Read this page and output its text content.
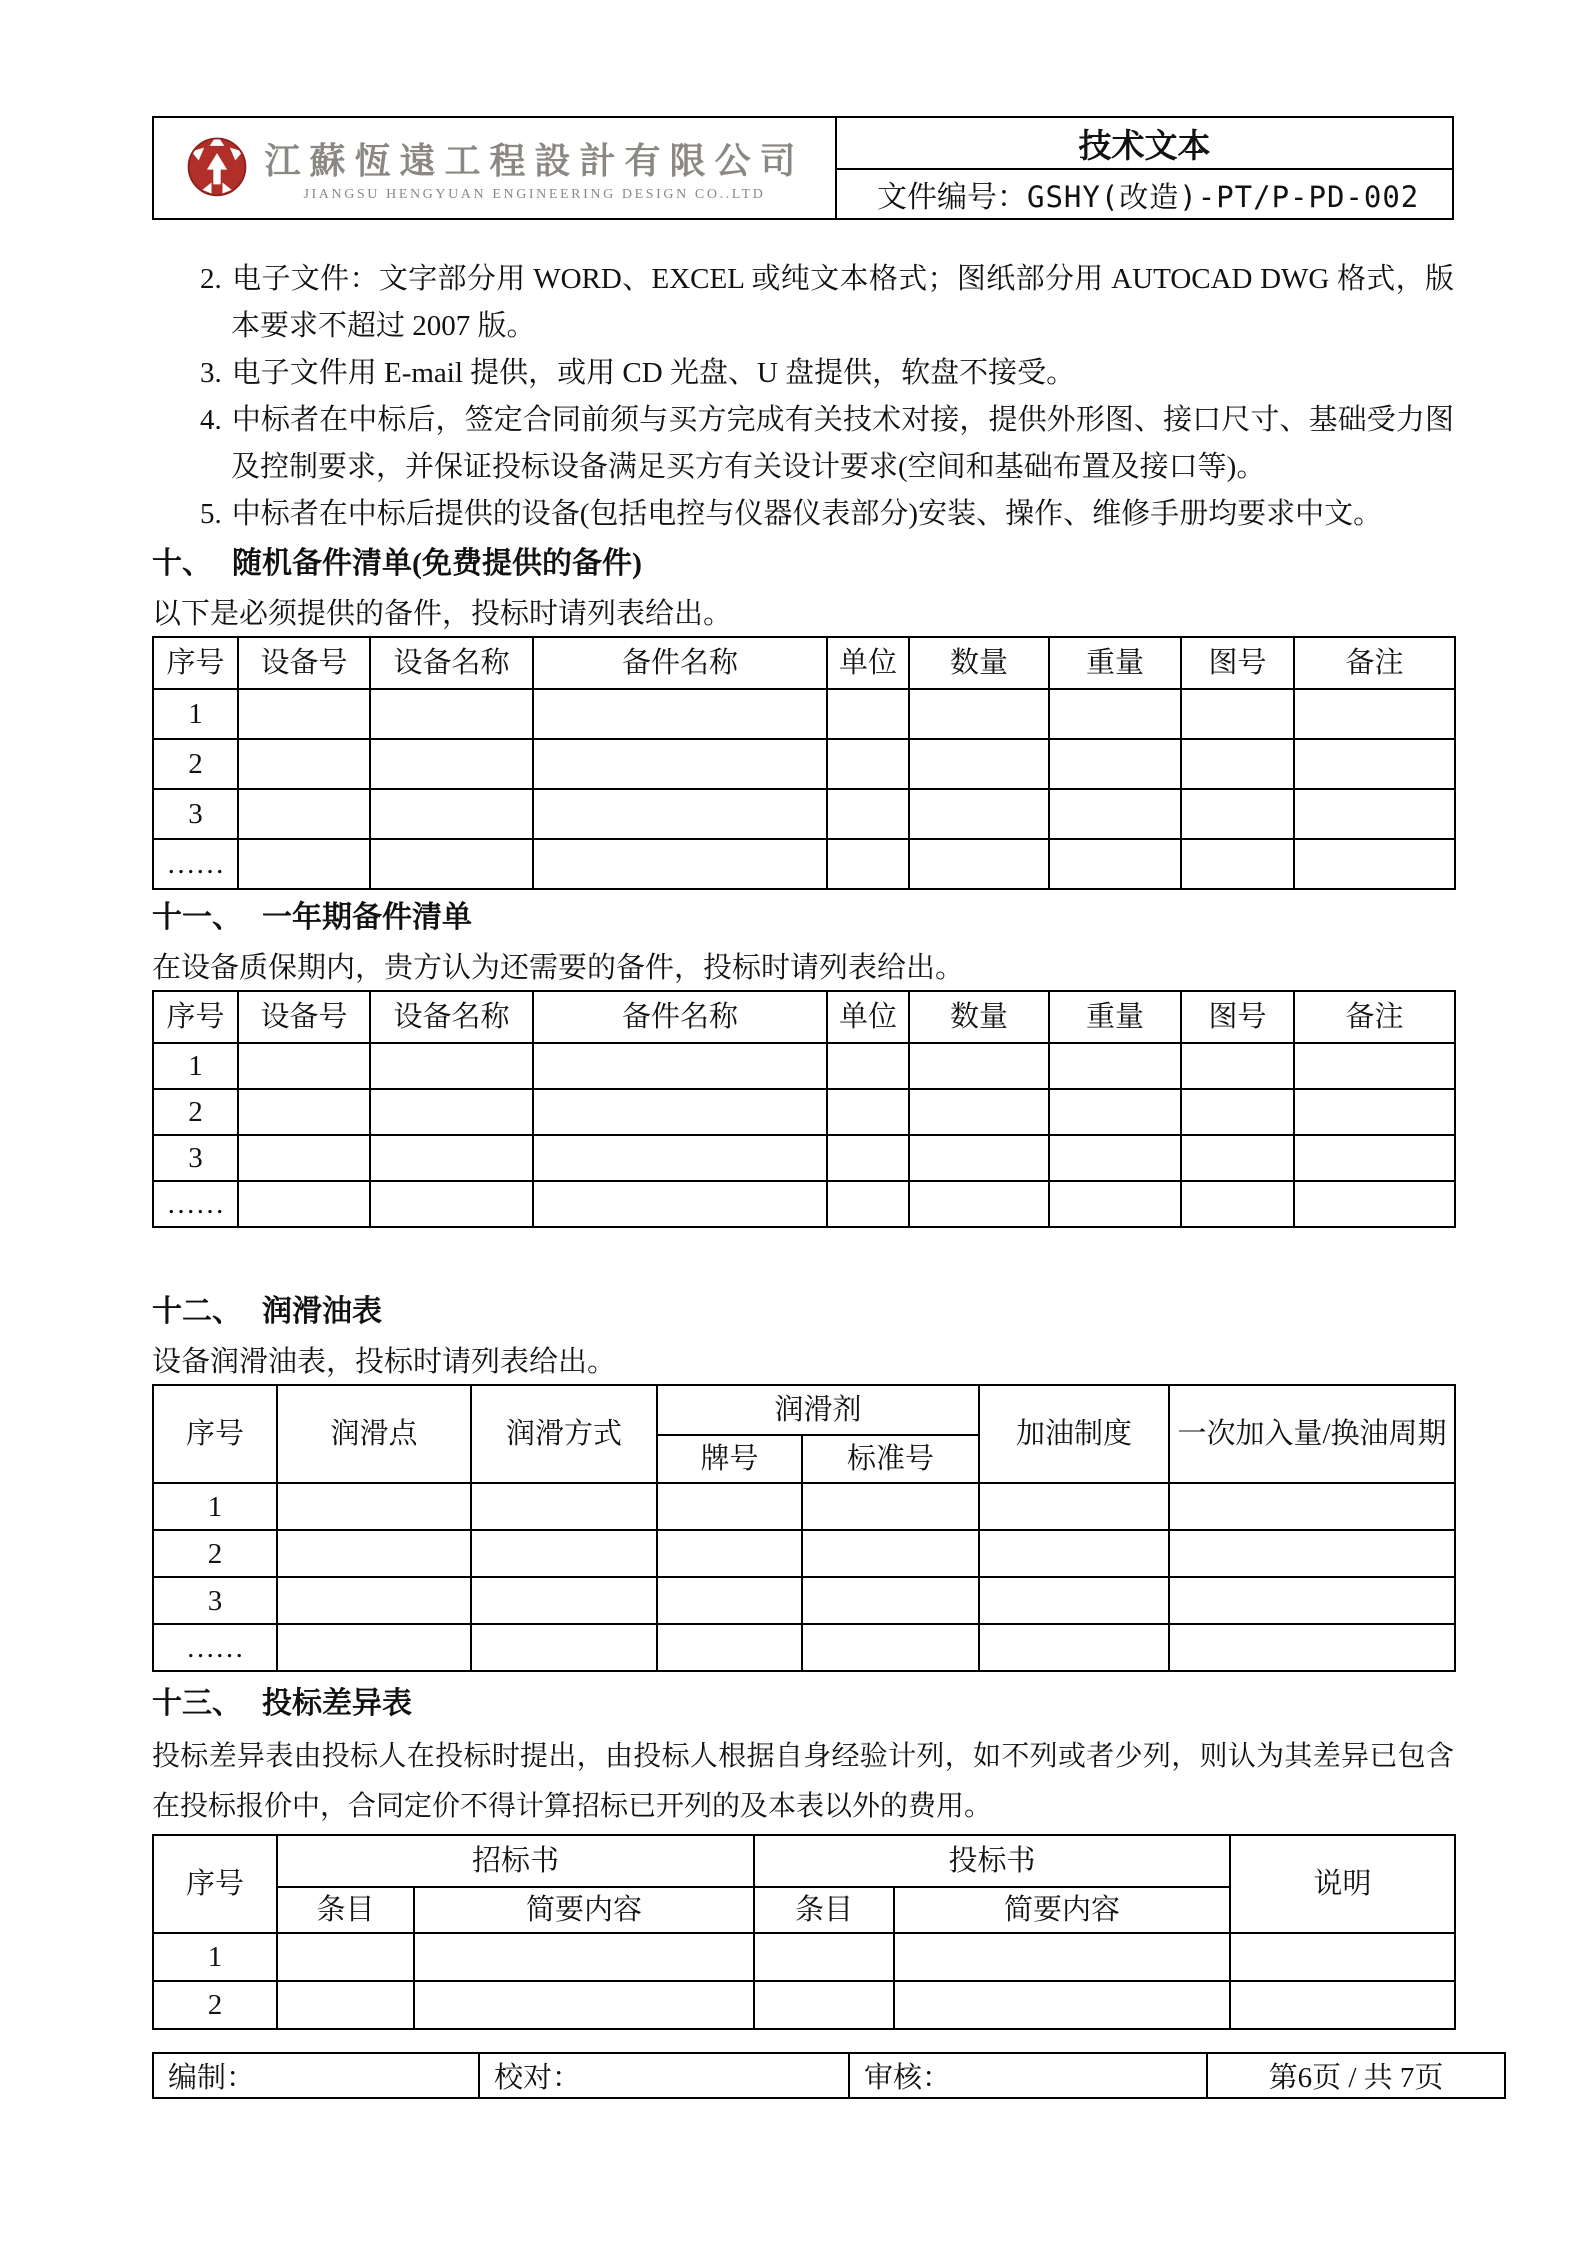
江蘇恆遠工程設計有限公司
JIANGSU HENGYUAN ENGINEERING DESIGN CO..LTD
	技术文本
文件编号：GSHY(改造)-PT/P-PD-002
2. 电子文件：文字部分用 WORD、EXCEL 或纯文本格式；图纸部分用 AUTOCAD DWG 格式，版本要求不超过 2007 版。
3. 电子文件用 E-mail 提供，或用 CD 光盘、U 盘提供，软盘不接受。
4. 中标者在中标后，签定合同前须与买方完成有关技术对接，提供外形图、接口尺寸、基础受力图及控制要求，并保证投标设备满足买方有关设计要求(空间和基础布置及接口等)。
5. 中标者在中标后提供的设备(包括电控与仪器仪表部分)安装、操作、维修手册均要求中文。
十、 随机备件清单(免费提供的备件)
以下是必须提供的备件，投标时请列表给出。
序号	设备号	设备名称	备件名称	单位	数量	重量	图号	备注
1								
2								
3								
……								
十一、 一年期备件清单
在设备质保期内，贵方认为还需要的备件，投标时请列表给出。
序号	设备号	设备名称	备件名称	单位	数量	重量	图号	备注
1								
2								
3								
……								
十二、 润滑油表
设备润滑油表，投标时请列表给出。
序号	润滑点	润滑方式	润滑剂		加油制度	一次加入量/换油周期
			牌号	标准号		
1						
2						
3						
……						
十三、 投标差异表
投标差异表由投标人在投标时提出，由投标人根据自身经验计列，如不列或者少列，则认为其差异已包含在投标报价中，合同定价不得计算招标已开列的及本表以外的费用。
序号	招标书		投标书		说明
	条目	简要内容	条目	简要内容	
1					
2					
编制：	校对：	审核：	第6页 / 共 7页
